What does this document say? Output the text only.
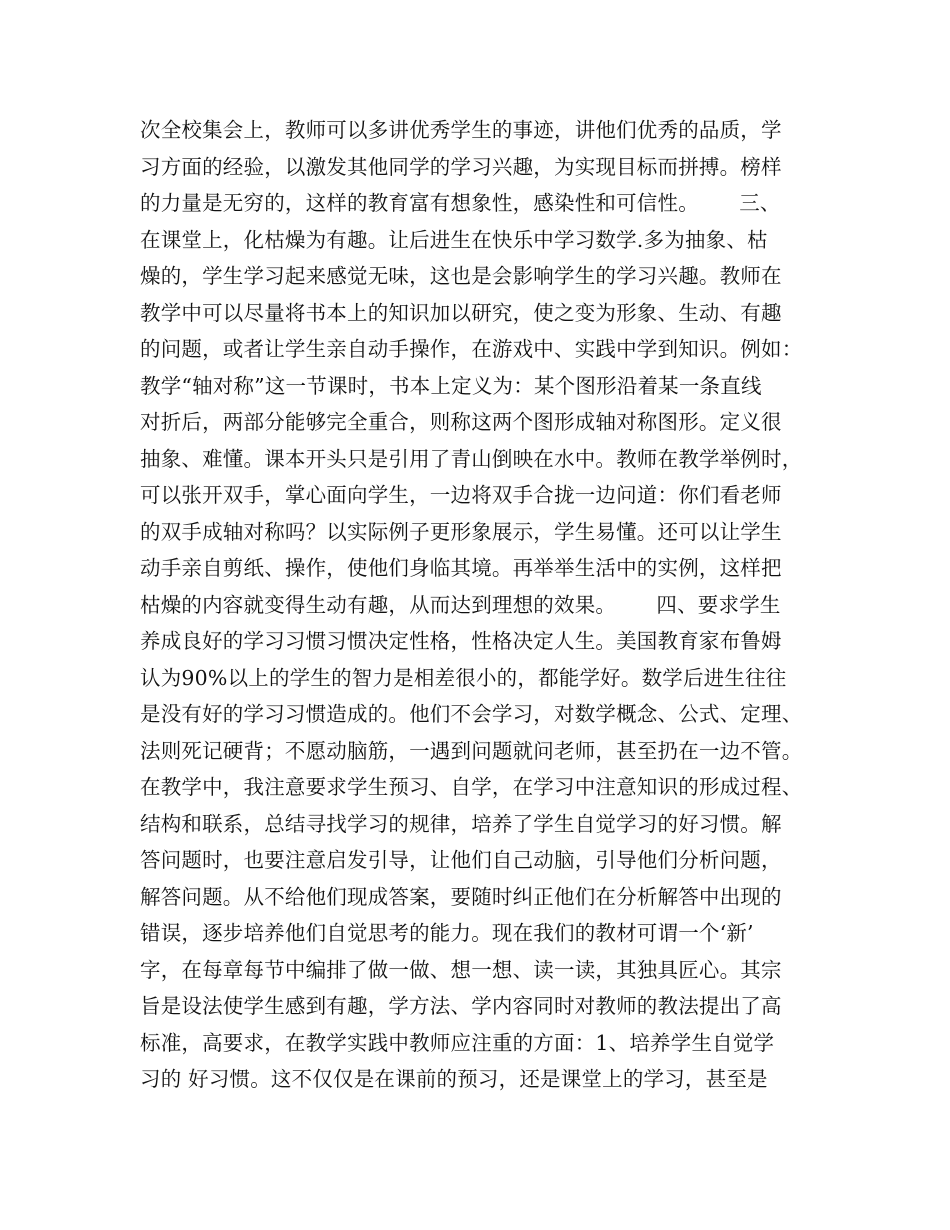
次全校集会上，教师可以多讲优秀学生的事迹，讲他们优秀的品质，学
习方面的经验，以激发其他同学的学习兴趣，为实现目标而拼搏。榜样
的力量是无穷的，这样的教育富有想象性，感染性和可信性。      三、
在课堂上，化枯燥为有趣。让后进生在快乐中学习数学.多为抽象、枯
燥的，学生学习起来感觉无味，这也是会影响学生的学习兴趣。教师在
教学中可以尽量将书本上的知识加以研究，使之变为形象、生动、有趣
的问题，或者让学生亲自动手操作，在游戏中、实践中学到知识。例如：
教学“轴对称”这一节课时，书本上定义为：某个图形沿着某一条直线
对折后，两部分能够完全重合，则称这两个图形成轴对称图形。定义很
抽象、难懂。课本开头只是引用了青山倒映在水中。教师在教学举例时，
可以张开双手，掌心面向学生，一边将双手合拢一边问道：你们看老师
的双手成轴对称吗？以实际例子更形象展示，学生易懂。还可以让学生
动手亲自剪纸、操作，使他们身临其境。再举举生活中的实例，这样把
枯燥的内容就变得生动有趣，从而达到理想的效果。      四、要求学生
养成良好的学习习惯习惯决定性格，性格决定人生。美国教育家布鲁姆
认为90%以上的学生的智力是相差很小的，都能学好。数学后进生往往
是没有好的学习习惯造成的。他们不会学习，对数学概念、公式、定理、
法则死记硬背；不愿动脑筋，一遇到问题就问老师，甚至扔在一边不管。
在教学中，我注意要求学生预习、自学，在学习中注意知识的形成过程、
结构和联系，总结寻找学习的规律，培养了学生自觉学习的好习惯。解
答问题时，也要注意启发引导，让他们自己动脑，引导他们分析问题，
解答问题。从不给他们现成答案，要随时纠正他们在分析解答中出现的
错误，逐步培养他们自觉思考的能力。现在我们的教材可谓一个‘新’
字，在每章每节中编排了做一做、想一想、读一读，其独具匠心。其宗
旨是设法使学生感到有趣，学方法、学内容同时对教师的教法提出了高
标准，高要求，在教学实践中教师应注重的方面：1、培养学生自觉学
习的 好习惯。这不仅仅是在课前的预习，还是课堂上的学习，甚至是
